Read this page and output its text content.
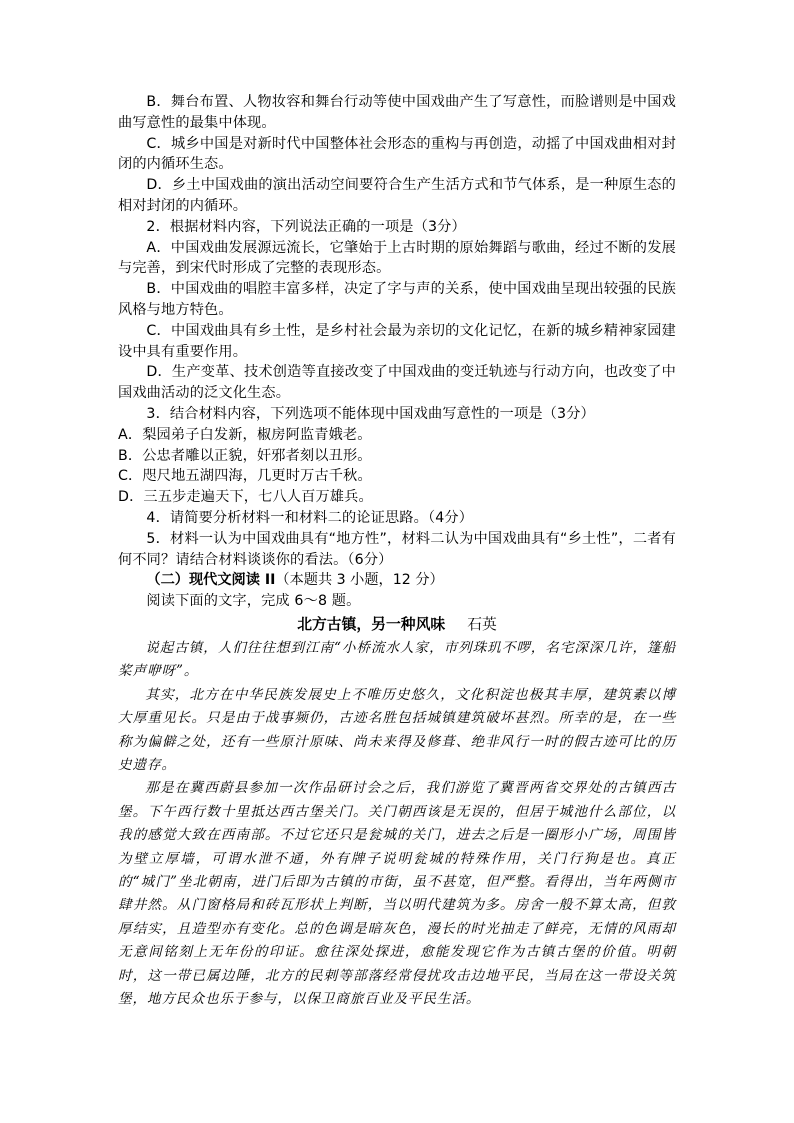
B．舞台布置、人物妆容和舞台行动等使中国戏曲产生了写意性，而脸谱则是中国戏曲写意性的最集中体现。

C．城乡中国是对新时代中国整体社会形态的重构与再创造，动摇了中国戏曲相对封闭的内循环生态。

D．乡土中国戏曲的演出活动空间要符合生产生活方式和节气体系，是一种原生态的相对封闭的内循环。

2．根据材料内容，下列说法正确的一项是（3分）

A．中国戏曲发展源远流长，它肇始于上古时期的原始舞蹈与歌曲，经过不断的发展与完善，到宋代时形成了完整的表现形态。

B．中国戏曲的唱腔丰富多样，决定了字与声的关系，使中国戏曲呈现出较强的民族风格与地方特色。

C．中国戏曲具有乡土性，是乡村社会最为亲切的文化记忆，在新的城乡精神家园建设中具有重要作用。

D．生产变革、技术创造等直接改变了中国戏曲的变迁轨迹与行动方向，也改变了中国戏曲活动的泛文化生态。

3．结合材料内容，下列选项不能体现中国戏曲写意性的一项是（3分）

A．梨园弟子白发新，椒房阿监青娥老。

B．公忠者雕以正貌，奸邪者刻以丑形。

C．咫尺地五湖四海，几更时万古千秋。

D．三五步走遍天下，七八人百万雄兵。

4．请简要分析材料一和材料二的论证思路。（4分）

5．材料一认为中国戏曲具有“地方性”，材料二认为中国戏曲具有“乡土性”，二者有何不同？请结合材料谈谈你的看法。（6分）

（二）现代文阅读 II（本题共 3 小题，12 分）

阅读下面的文字，完成 6～8 题。

北方古镇，另一种风味 石英

说起古镇，人们往往想到江南“小桥流水人家，市列珠玑不啰，名宅深深几许，篷船桨声咿呀”。

其实，北方在中华民族发展史上不唯历史悠久，文化积淀也极其丰厚，建筑素以博大厚重见长。只是由于战事频仍，古迹名胜包括城镇建筑破坏甚烈。所幸的是，在一些称为偏僻之处，还有一些原汁原味、尚未来得及修葺、绝非风行一时的假古迹可比的历史遗存。

那是在冀西蔚县参加一次作品研讨会之后，我们游览了冀晋两省交界处的古镇西古堡。下午西行数十里抵达西古堡关门。关门朝西该是无误的，但居于城池什么部位，以我的感觉大致在西南部。不过它还只是瓮城的关门，进去之后是一圈形小广场，周围皆为壁立厚墙，可谓水泄不通，外有牌子说明瓮城的特殊作用，关门行狗是也。真正的“城门”坐北朝南，进门后即为古镇的市街，虽不甚宽，但严整。看得出，当年两侧市肆井然。从门窗格局和砖瓦形状上判断，当以明代建筑为多。房舍一般不算太高，但敦厚结实，且造型亦有变化。总的色调是暗灰色，漫长的时光抽走了鲜亮，无情的风雨却无意间铭刻上无年份的印证。愈往深处探进，愈能发现它作为古镇古堡的价值。明朝时，这一带已属边陲，北方的民剌等部落经常侵扰攻击边地平民，当局在这一带设关筑堡，地方民众也乐于参与，以保卫商旅百业及平民生活。
